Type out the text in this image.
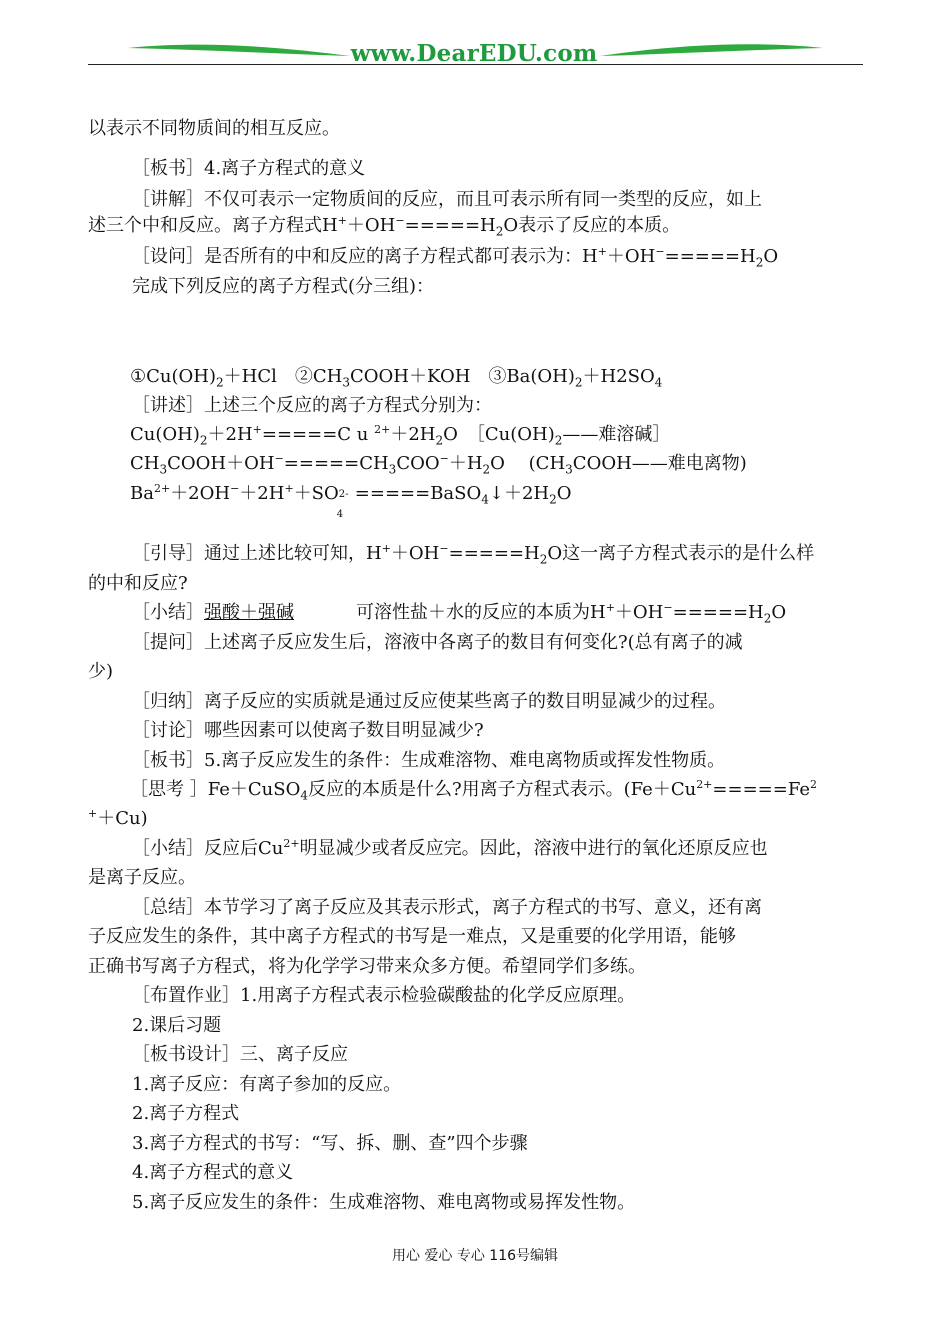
www.DearEDU.com
以表示不同物质间的相互反应。
［板书］4.离子方程式的意义
［讲解］不仅可表示一定物质间的反应，而且可表示所有同一类型的反应，如上
述三个中和反应。离子方程式$H^++OH^-=====H_2O$表示了反应的本质。
［设问］是否所有的中和反应的离子方程式都可表示为：$H^++OH^-=====H_2O$
完成下列反应的离子方程式(分三组)：
$①Cu(OH)_2+HCl$　$②CH_3COOH+KOH$　$③Ba(OH)_2+H2SO_4$
［讲述］上述三个反应的离子方程式分别为：
$Cu(OH)_2+2H^+=====C$ u $^{2+}+2H_2O$　$[Cu(OH)_2——$难溶碱］
$CH_3COOH+OH^-=====CH_3COO^-+H_2O$　 ($CH_3COOH——$难电离物)
$Ba^{2+}+2OH^-+2H^++SO$ 2-
4
$=====BaSO_4↓+2H_2O$
［引导］通过上述比较可知，$H^++OH^-=====H_2O$这一离子方程式表示的是什么样
的中和反应?
［小结］强酸＋强碱	可溶性盐＋水的反应的本质为$H^++OH^-=====H_2O$
［提问］上述离子反应发生后，溶液中各离子的数目有何变化?(总有离子的减
少)
［归纳］离子反应的实质就是通过反应使某些离子的数目明显减少的过程。
［讨论］哪些因素可以使离子数目明显减少?
［板书］5.离子反应发生的条件：生成难溶物、难电离物质或挥发性物质。
［思考 ］Fe＋CuSO$_4$反应的本质是什么?用离子方程式表示。($Fe+Cu^{2+}=====Fe^2$
+＋Cu)
［小结］反应后$Cu^{2+}$明显减少或者反应完。因此，溶液中进行的氧化还原反应也
是离子反应。
［总结］本节学习了离子反应及其表示形式，离子方程式的书写、意义，还有离
子反应发生的条件，其中离子方程式的书写是一难点，又是重要的化学用语，能够
正确书写离子方程式，将为化学学习带来众多方便。希望同学们多练。
［布置作业］1.用离子方程式表示检验碳酸盐的化学反应原理。
2.课后习题
［板书设计］三、离子反应
1.离子反应：有离子参加的反应。
2.离子方程式
3.离子方程式的书写：“写、拆、删、查”四个步骤
4.离子方程式的意义
5.离子反应发生的条件：生成难溶物、难电离物或易挥发性物。
用心 爱心 专心 116号编辑
